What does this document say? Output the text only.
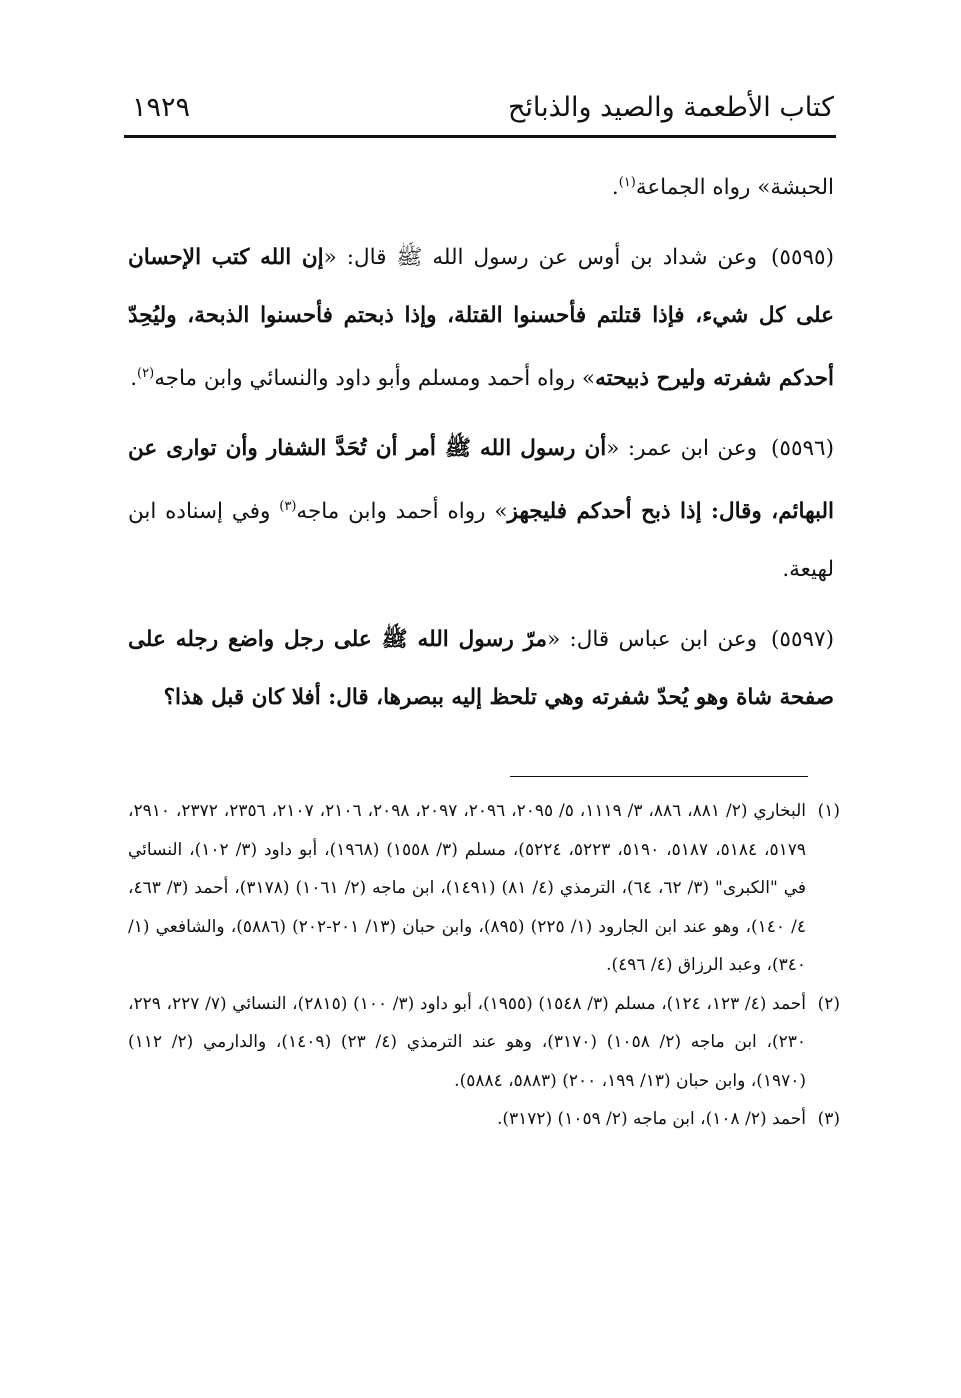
كتاب الأطعمة والصيد والذبائح
١٩٢٩

الحبشة» رواه الجماعة$^{(١)}$.

(٥٥٩٥)وعن شداد بن أوس عن رسول الله ﷺ قال: «إن الله كتب الإحسان على كل شيء، فإذا قتلتم فأحسنوا القتلة، وإذا ذبحتم فأحسنوا الذبحة، وليُحِدّ أحدكم شفرته وليرح ذبيحته» رواه أحمد ومسلم وأبو داود والنسائي وابن ماجه$^{(٢)}$.

(٥٥٩٦)وعن ابن عمر: «أن رسول الله ﷺ أمر أن تُحَدَّ الشفار وأن توارى عن البهائم، وقال: إذا ذبح أحدكم فليجهز» رواه أحمد وابن ماجه$^{(٣)}$ وفي إسناده ابن لهيعة.

(٥٥٩٧)وعن ابن عباس قال: «مرّ رسول الله ﷺ على رجل واضع رجله على صفحة شاة وهو يُحدّ شفرته وهي تلحظ إليه ببصرها، قال: أفلا كان قبل هذا؟

(١)
البخاري (٢/ ٨٨١، ٨٨٦، ٣/ ١١١٩، ٥/ ٢٠٩٥، ٢٠٩٦، ٢٠٩٧، ٢٠٩٨، ٢١٠٦، ٢١٠٧، ٢٣٥٦، ٢٣٧٢، ٢٩١٠، ٥١٧٩، ٥١٨٤، ٥١٨٧، ٥١٩٠، ٥٢٢٣، ٥٢٢٤)، مسلم (٣/ ١٥٥٨) (١٩٦٨)، أبو داود (٣/ ١٠٢)، النسائي في "الكبرى" (٣/ ٦٢، ٦٤)، الترمذي (٤/ ٨١) (١٤٩١)، ابن ماجه (٢/ ١٠٦١) (٣١٧٨)، أحمد (٣/ ٤٦٣، ٤/ ١٤٠)، وهو عند ابن الجارود (١/ ٢٢٥) (٨٩٥)، وابن حبان (١٣/ ٢٠١-٢٠٢) (٥٨٨٦)، والشافعي (١/ ٣٤٠)، وعبد الرزاق (٤/ ٤٩٦).

(٢)
أحمد (٤/ ١٢٣، ١٢٤)، مسلم (٣/ ١٥٤٨) (١٩٥٥)، أبو داود (٣/ ١٠٠) (٢٨١٥)، النسائي (٧/ ٢٢٧، ٢٢٩، ٢٣٠)، ابن ماجه (٢/ ١٠٥٨) (٣١٧٠)، وهو عند الترمذي (٤/ ٢٣) (١٤٠٩)، والدارمي (٢/ ١١٢) (١٩٧٠)، وابن حبان (١٣/ ١٩٩، ٢٠٠) (٥٨٨٣، ٥٨٨٤).

(٣)
أحمد (٢/ ١٠٨)، ابن ماجه (٢/ ١٠٥٩) (٣١٧٢).
